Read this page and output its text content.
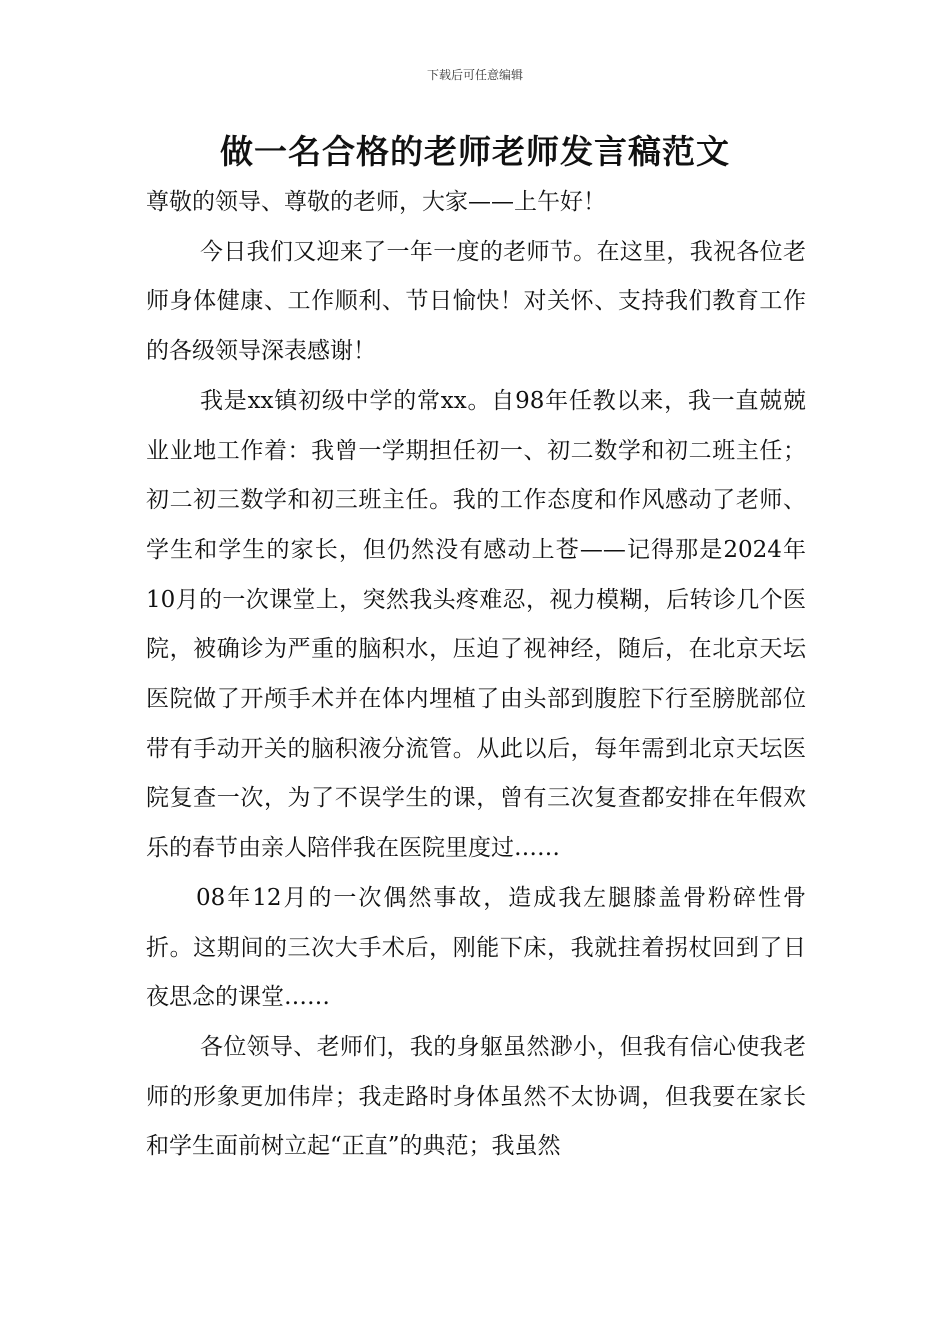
下载后可任意编辑
做一名合格的老师老师发言稿范文

尊敬的领导、尊敬的老师，大家——上午好！

今日我们又迎来了一年一度的老师节。在这里，我祝各位老师身体健康、工作顺利、节日愉快！对关怀、支持我们教育工作的各级领导深表感谢！

我是xx镇初级中学的常xx。自98年任教以来，我一直兢兢业业地工作着：我曾一学期担任初一、初二数学和初二班主任；初二初三数学和初三班主任。我的工作态度和作风感动了老师、学生和学生的家长，但仍然没有感动上苍——记得那是2024年10月的一次课堂上，突然我头疼难忍，视力模糊，后转诊几个医院，被确诊为严重的脑积水，压迫了视神经，随后，在北京天坛医院做了开颅手术并在体内埋植了由头部到腹腔下行至膀胱部位带有手动开关的脑积液分流管。从此以后，每年需到北京天坛医院复查一次，为了不误学生的课，曾有三次复查都安排在年假欢乐的春节由亲人陪伴我在医院里度过……

08年12月的一次偶然事故，造成我左腿膝盖骨粉碎性骨折。这期间的三次大手术后，刚能下床，我就拄着拐杖回到了日夜思念的课堂……

各位领导、老师们，我的身躯虽然渺小，但我有信心使我老师的形象更加伟岸；我走路时身体虽然不太协调，但我要在家长和学生面前树立起“正直”的典范；我虽然
